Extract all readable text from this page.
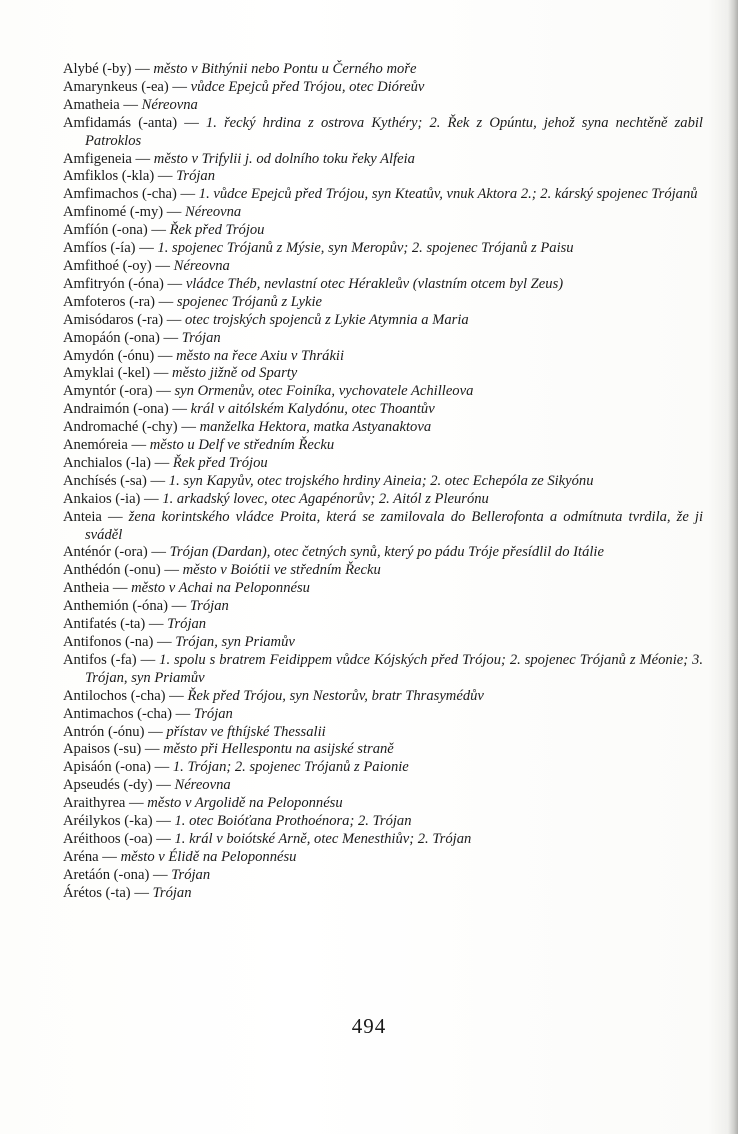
Alybé (-by) — město v Bithýnii nebo Pontu u Černého moře
Amarynkeus (-ea) — vůdce Epejců před Trójou, otec Dióreův
Amatheia — Néreovna
Amfidamás (-anta) — 1. řecký hrdina z ostrova Kythéry; 2. Řek z Opúntu, jehož syna nechtěně zabil Patroklos
Amfigeneia — město v Trifylii j. od dolního toku řeky Alfeia
Amfiklos (-kla) — Trójan
Amfimachos (-cha) — 1. vůdce Epejců před Trójou, syn Kteatův, vnuk Aktora 2.; 2. kárský spojenec Trójanů
Amfinomé (-my) — Néreovna
Amfíón (-ona) — Řek před Trójou
Amfíos (-ía) — 1. spojenec Trójanů z Mýsie, syn Meropův; 2. spojenec Trójanů z Paisu
Amfithoé (-oy) — Néreovna
Amfitryón (-óna) — vládce Théb, nevlastní otec Héraklеův (vlastním otcem byl Zeus)
Amfoteros (-ra) — spojenec Trójanů z Lykie
Amisódaros (-ra) — otec trojských spojenců z Lykie Atymnia a Maria
Amopáón (-ona) — Trójan
Amydón (-ónu) — město na řece Axiu v Thrákii
Amyklai (-kel) — město jižně od Sparty
Amyntór (-ora) — syn Ormenův, otec Foiníka, vychovatele Achilleova
Andraimón (-ona) — král v aitólském Kalydónu, otec Thoantův
Andromaché (-chy) — manželka Hektora, matka Astyanaktova
Anemóreia — město u Delf ve středním Řecku
Anchialos (-la) — Řek před Trójou
Anchísés (-sa) — 1. syn Kapyův, otec trojského hrdiny Aineia; 2. otec Echepóla ze Sikyónu
Ankaios (-ia) — 1. arkadský lovec, otec Agapénorův; 2. Aitól z Pleurónu
Anteia — žena korintského vládce Proita, která se zamilovala do Bellerofonta a odmítnuta tvrdila, že ji sváděl
Anténór (-ora) — Trójan (Dardan), otec četných synů, který po pádu Tróje přesídlil do Itálie
Anthédón (-onu) — město v Boiótii ve středním Řecku
Antheia — město v Achai na Peloponnésu
Anthemión (-óna) — Trójan
Antifatés (-ta) — Trójan
Antifonos (-na) — Trójan, syn Priamův
Antifos (-fa) — 1. spolu s bratrem Feidippem vůdce Kójských před Trójou; 2. spojenec Trójanů z Méonie; 3. Trójan, syn Priamův
Antilochos (-cha) — Řek před Trójou, syn Nestorův, bratr Thrasymédův
Antimachos (-cha) — Trójan
Antrón (-ónu) — přístav ve fthíjské Thessalii
Apaisos (-su) — město při Hellespontu na asijské straně
Apisáón (-ona) — 1. Trójan; 2. spojenec Trójanů z Paionie
Apseudés (-dy) — Néreovna
Araithyrea — město v Argolidě na Peloponnésu
Aréilykos (-ka) — 1. otec Boióťana Prothoénora; 2. Trójan
Aréithoos (-oa) — 1. král v boiótské Arně, otec Menesthiův; 2. Trójan
Aréna — město v Élidě na Peloponnésu
Aretáón (-ona) — Trójan
Árétos (-ta) — Trójan
494
